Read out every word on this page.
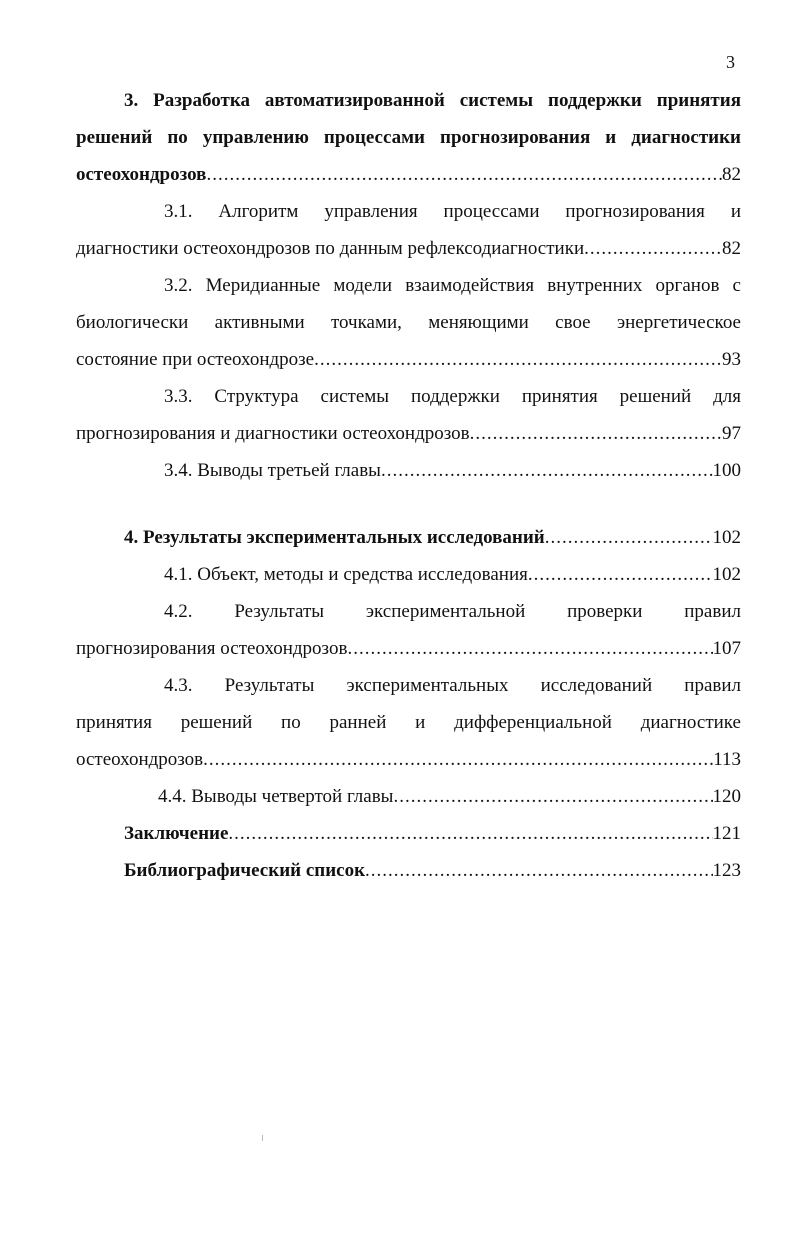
3
3. Разработка автоматизированной системы поддержки принятия
решений по управлению процессами прогнозирования и диагностики
остеохондрозов .....	82
3.1. Алгоритм управления процессами прогнозирования и
диагностики остеохондрозов по данным рефлексодиагностики .....	82
3.2. Меридианные модели взаимодействия внутренних органов с
биологически активными точками, меняющими свое энергетическое
состояние при остеохондрозе .....	93
3.3. Структура системы поддержки принятия решений для
прогнозирования и диагностики остеохондрозов .....	97
3.4. Выводы третьей главы .....	100
4. Результаты экспериментальных исследований .....	102
4.1. Объект, методы и средства исследования .....	102
4.2. Результаты экспериментальной проверки правил
прогнозирования остеохондрозов .....	107
4.3. Результаты экспериментальных исследований правил
принятия решений по ранней и дифференциальной диагностике
остеохондрозов .....	113
4.4. Выводы четвертой главы .....	120
Заключение .....	121
Библиографический список .....	123
